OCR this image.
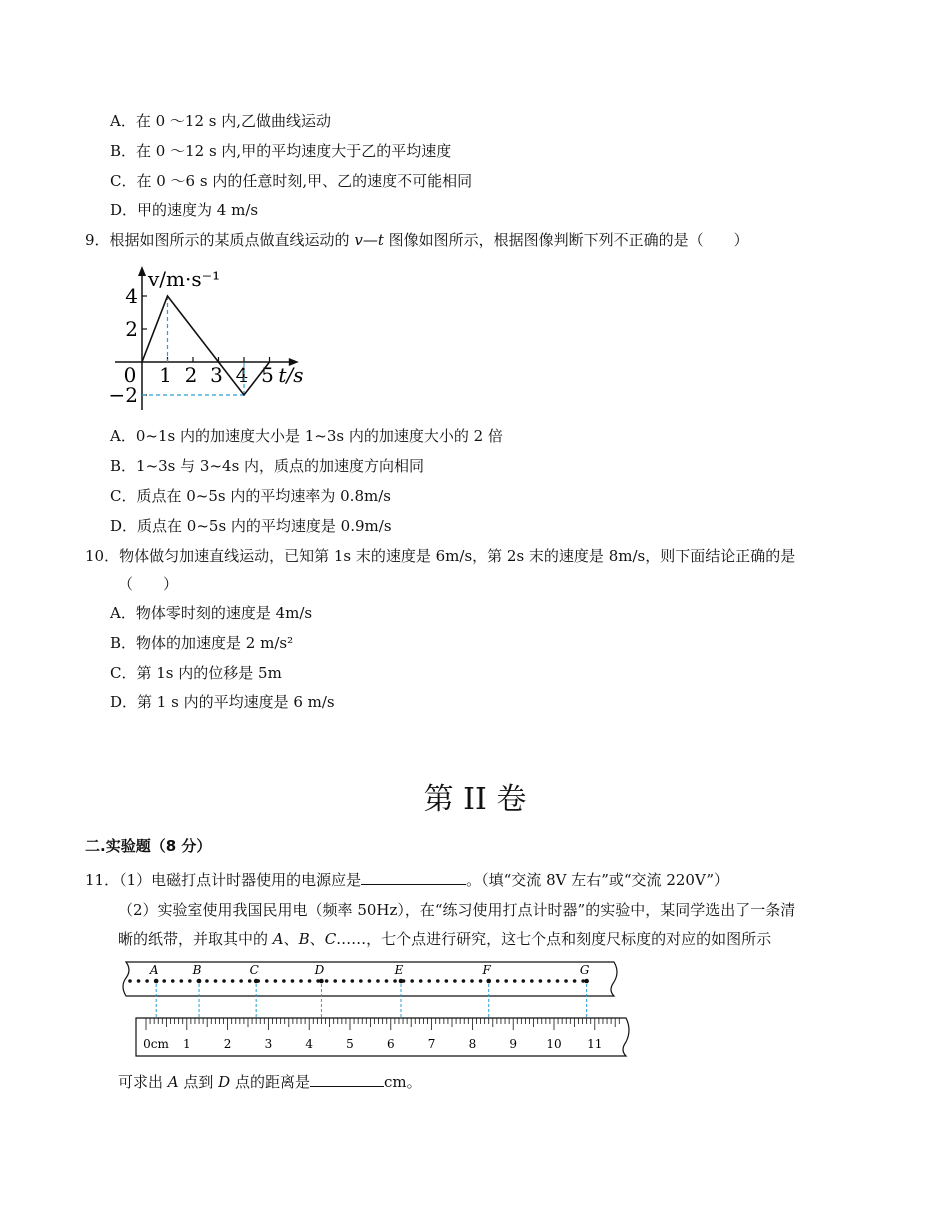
A．在 0 ～12 s 内,乙做曲线运动
B．在 0 ～12 s 内,甲的平均速度大于乙的平均速度
C．在 0 ～6 s 内的任意时刻,甲、乙的速度不可能相同
D．甲的速度为 4 m/s
9．根据如图所示的某质点做直线运动的 v—t 图像如图所示，根据图像判断下列不正确的是（　　）
4
2
−2
0 1 2 3 4 5
v/m·s⁻¹
t/s
A．0~1s 内的加速度大小是 1~3s 内的加速度大小的 2 倍
B．1~3s 与 3~4s 内，质点的加速度方向相同
C．质点在 0~5s 内的平均速率为 0.8m/s
D．质点在 0~5s 内的平均速度是 0.9m/s
10．物体做匀加速直线运动，已知第 1s 末的速度是 6m/s，第 2s 末的速度是 8m/s，则下面结论正确的是
（　　）
A．物体零时刻的速度是 4m/s
B．物体的加速度是 2 m/s²
C．第 1s 内的位移是 5m
D．第 1 s 内的平均速度是 6 m/s
第 II 卷
二.实验题（8 分）
11．（1）电磁打点计时器使用的电源应是	。（填“交流 8V 左右”或“交流 220V”）
（2）实验室使用我国民用电（频率 50Hz），在“练习使用打点计时器”的实验中，某同学选出了一条清
晰的纸带，并取其中的 A、B、C……，七个点进行研究，这七个点和刻度尺标度的对应的如图所示
A	B	C	D	E	F	G
0cm 1	2	3	4	5	6	7	8	9 10 11
可求出 A 点到 D 点的距离是	cm。
